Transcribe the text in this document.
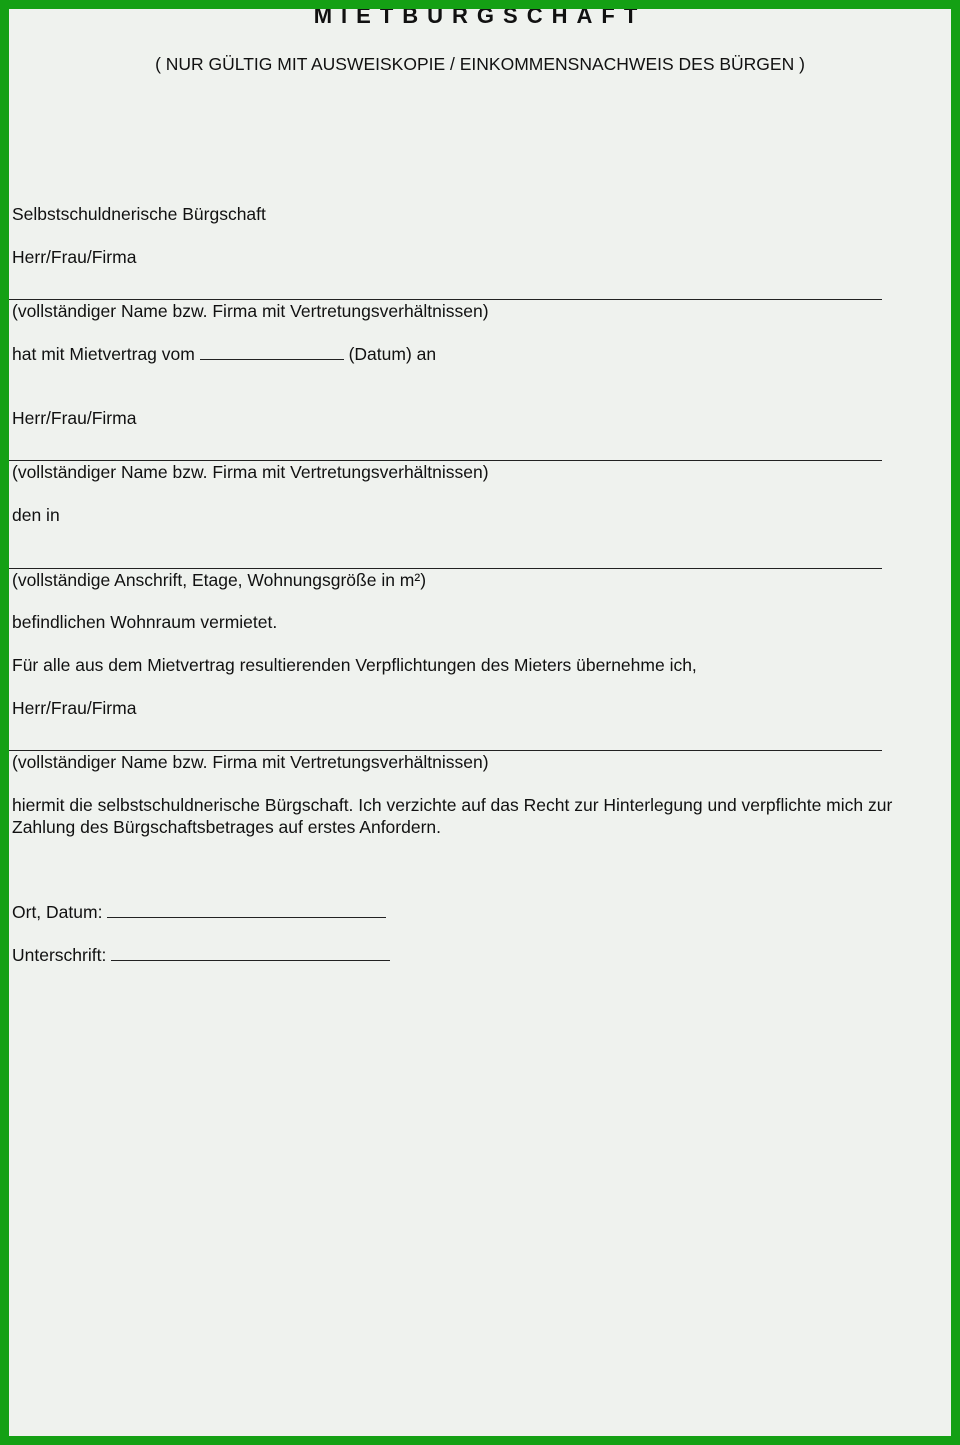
MIETBURGSCHAFT
( NUR GÜLTIG MIT AUSWEISKOPIE / EINKOMMENSNACHWEIS DES BÜRGEN )
Selbstschuldnerische Bürgschaft
Herr/Frau/Firma
(vollständiger Name bzw. Firma mit Vertretungsverhältnissen)
hat mit Mietvertrag vom	(Datum) an
Herr/Frau/Firma
(vollständiger Name bzw. Firma mit Vertretungsverhältnissen)
den in
(vollständige Anschrift, Etage, Wohnungsgröße in m²)
befindlichen Wohnraum vermietet.
Für alle aus dem Mietvertrag resultierenden Verpflichtungen des Mieters übernehme ich,
Herr/Frau/Firma
(vollständiger Name bzw. Firma mit Vertretungsverhältnissen)
hiermit die selbstschuldnerische Bürgschaft. Ich verzichte auf das Recht zur Hinterlegung und verpflichte mich zur Zahlung des Bürgschaftsbetrages auf erstes Anfordern.
Ort, Datum:
Unterschrift:
